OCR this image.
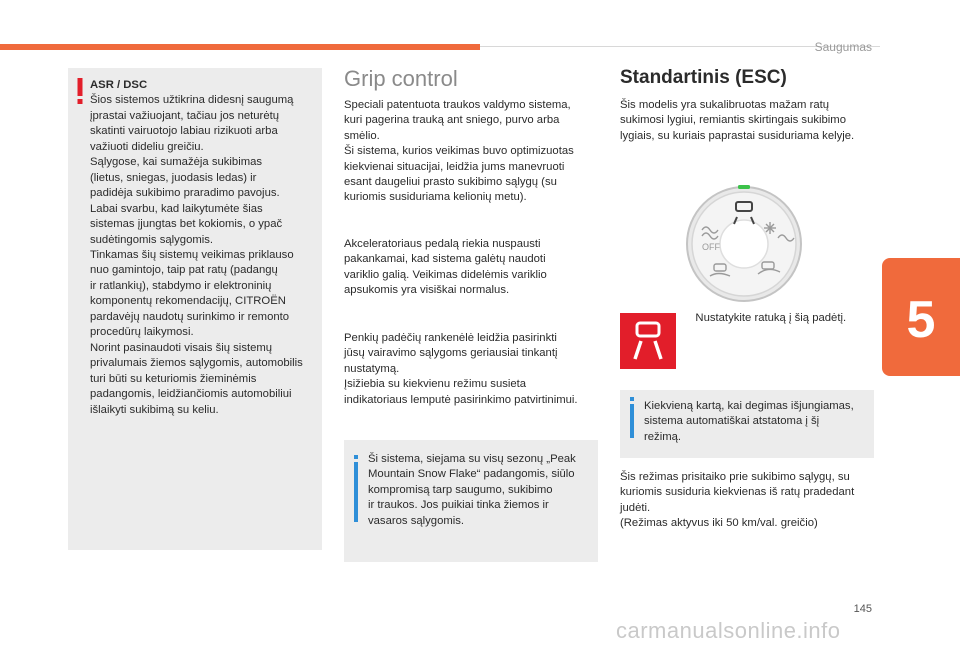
Saugumas
5
ASR / DSC

Šios sistemos užtikrina didesnį saugumą
įprastai važiuojant, tačiau jos neturėtų
skatinti vairuotojo labiau rizikuoti arba
važiuoti dideliu greičiu.
Sąlygose, kai sumažėja sukibimas
(lietus, sniegas, juodasis ledas) ir
padidėja sukibimo praradimo pavojus.
Labai svarbu, kad laikytumėte šias
sistemas įjungtas bet kokiomis, o ypač
sudėtingomis sąlygomis.
Tinkamas šių sistemų veikimas priklauso
nuo gamintojo, taip pat ratų (padangų
ir ratlankių), stabdymo ir elektroninių
komponentų rekomendacijų, CITROËN
pardavėjų naudotų surinkimo ir remonto
procedūrų laikymosi.
Norint pasinaudoti visais šių sistemų
privalumais žiemos sąlygomis, automobilis
turi būti su keturiomis žieminėmis
padangomis, leidžiančiomis automobiliui
išlaikyti sukibimą su keliu.

Grip control
Speciali patentuota traukos valdymo sistema,
kuri pagerina trauką ant sniego, purvo arba
smėlio.
Ši sistema, kurios veikimas buvo optimizuotas
kiekvienai situacijai, leidžia jums manevruoti
esant daugeliui prasto sukibimo sąlygų (su
kuriomis susiduriama kelionių metu).
Akceleratoriaus pedalą riekia nuspausti
pakankamai, kad sistema galėtų naudoti
variklio galią. Veikimas didelėmis variklio
apsukomis yra visiškai normalus.
Penkių padėčių rankenėlė leidžia pasirinkti
jūsų vairavimo sąlygoms geriausiai tinkantį
nustatymą.
Įsižiebia su kiekvienu režimu susieta
indikatoriaus lemputė pasirinkimo patvirtinimui.
Ši sistema, siejama su visų sezonų „Peak
Mountain Snow Flake“ padangomis, siūlo
kompromisą tarp saugumo, sukibimo
ir traukos. Jos puikiai tinka žiemos ir
vasaros sąlygomis.
Standartinis (ESC)
Šis modelis yra sukalibruotas mažam ratų
sukimosi lygiui, remiantis skirtingais sukibimo
lygiais, su kuriais paprastai susiduriama kelyje.
OFF
Nustatykite ratuką į šią padėtį.
Kiekvieną kartą, kai degimas išjungiamas,
sistema automatiškai atstatoma į šį
režimą.
Šis režimas prisitaiko prie sukibimo sąlygų, su
kuriomis susiduria kiekvienas iš ratų pradedant
judėti.
(Režimas aktyvus iki 50 km/val. greičio)
145
carmanualsonline.info
